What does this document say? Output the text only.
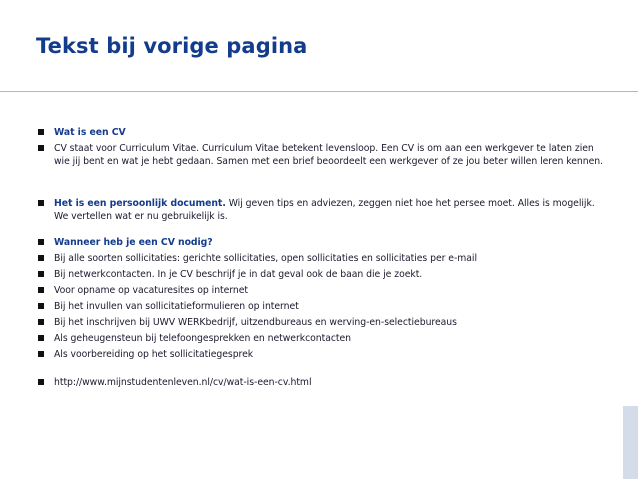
Tekst bij vorige pagina
Wat is een CV
CV staat voor Curriculum Vitae. Curriculum Vitae betekent levensloop. Een CV is om aan een werkgever te laten zien wie jij bent en wat je hebt gedaan. Samen met een brief beoordeelt een werkgever of ze jou beter willen leren kennen.
Het is een persoonlijk document. Wij geven tips en adviezen, zeggen niet hoe het persee moet. Alles is mogelijk. We vertellen wat er nu gebruikelijk is.
Wanneer heb je een CV nodig?
Bij alle soorten sollicitaties: gerichte sollicitaties, open sollicitaties en sollicitaties per e-mail
Bij netwerkcontacten. In je CV beschrijf je in dat geval ook de baan die je zoekt.
Voor opname op vacaturesites op internet
Bij het invullen van sollicitatieformulieren op internet
Bij het inschrijven bij UWV WERKbedrijf, uitzendbureaus en werving-en-selectiebureaus
Als geheugensteun bij telefoongesprekken en netwerkcontacten
Als voorbereiding op het sollicitatiegesprek
http://www.mijnstudentenleven.nl/cv/wat-is-een-cv.html
